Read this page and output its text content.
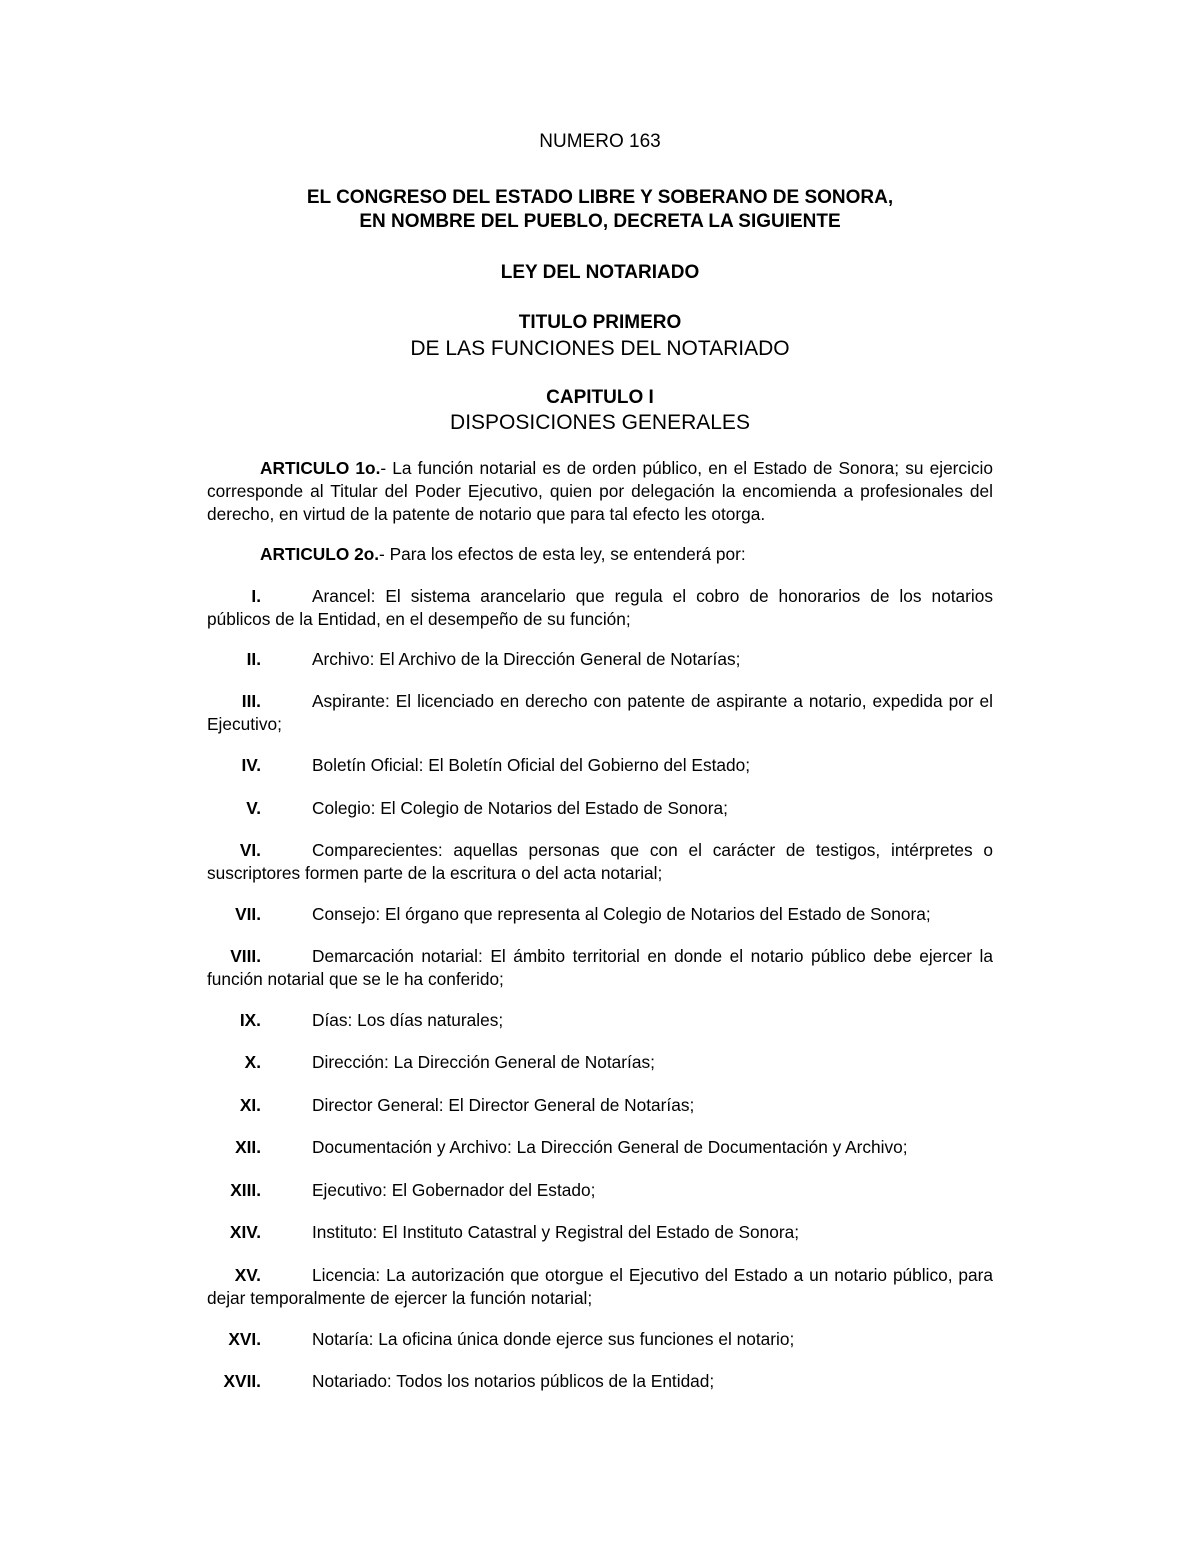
NUMERO 163
EL CONGRESO DEL ESTADO LIBRE Y SOBERANO DE SONORA,
EN NOMBRE DEL PUEBLO, DECRETA LA SIGUIENTE
LEY DEL NOTARIADO
TITULO PRIMERO
DE LAS FUNCIONES DEL NOTARIADO
CAPITULO I
DISPOSICIONES GENERALES
ARTICULO 1o.- La función notarial es de orden público, en el Estado de Sonora; su ejercicio corresponde al Titular del Poder Ejecutivo, quien por delegación la encomienda a profesionales del derecho, en virtud de la patente de notario que para tal efecto les otorga.
ARTICULO 2o.- Para los efectos de esta ley, se entenderá por:
I.	Arancel: El sistema arancelario que regula el cobro de honorarios de los notarios públicos de la Entidad, en el desempeño de su función;
II.	Archivo: El Archivo de la Dirección General de Notarías;
III.	Aspirante: El licenciado en derecho con patente de aspirante a notario, expedida por el Ejecutivo;
IV.	Boletín Oficial: El Boletín Oficial del Gobierno del Estado;
V.	Colegio: El Colegio de Notarios del Estado de Sonora;
VI.	Comparecientes: aquellas personas que con el carácter de testigos, intérpretes o suscriptores formen parte de la escritura o del acta notarial;
VII.	Consejo: El órgano que representa al Colegio de Notarios del Estado de Sonora;
VIII.	Demarcación notarial: El ámbito territorial en donde el notario público debe ejercer la función notarial que se le ha conferido;
IX.	Días: Los días naturales;
X.	Dirección: La Dirección General de Notarías;
XI.	Director General: El Director General de Notarías;
XII.	Documentación y Archivo: La Dirección General de Documentación y Archivo;
XIII.	Ejecutivo: El Gobernador del Estado;
XIV.	Instituto: El Instituto Catastral y Registral del Estado de Sonora;
XV.	Licencia: La autorización que otorgue el Ejecutivo del Estado a un notario público, para dejar temporalmente de ejercer la función notarial;
XVI.	Notaría: La oficina única donde ejerce sus funciones el notario;
XVII.	Notariado: Todos los notarios públicos de la Entidad;
